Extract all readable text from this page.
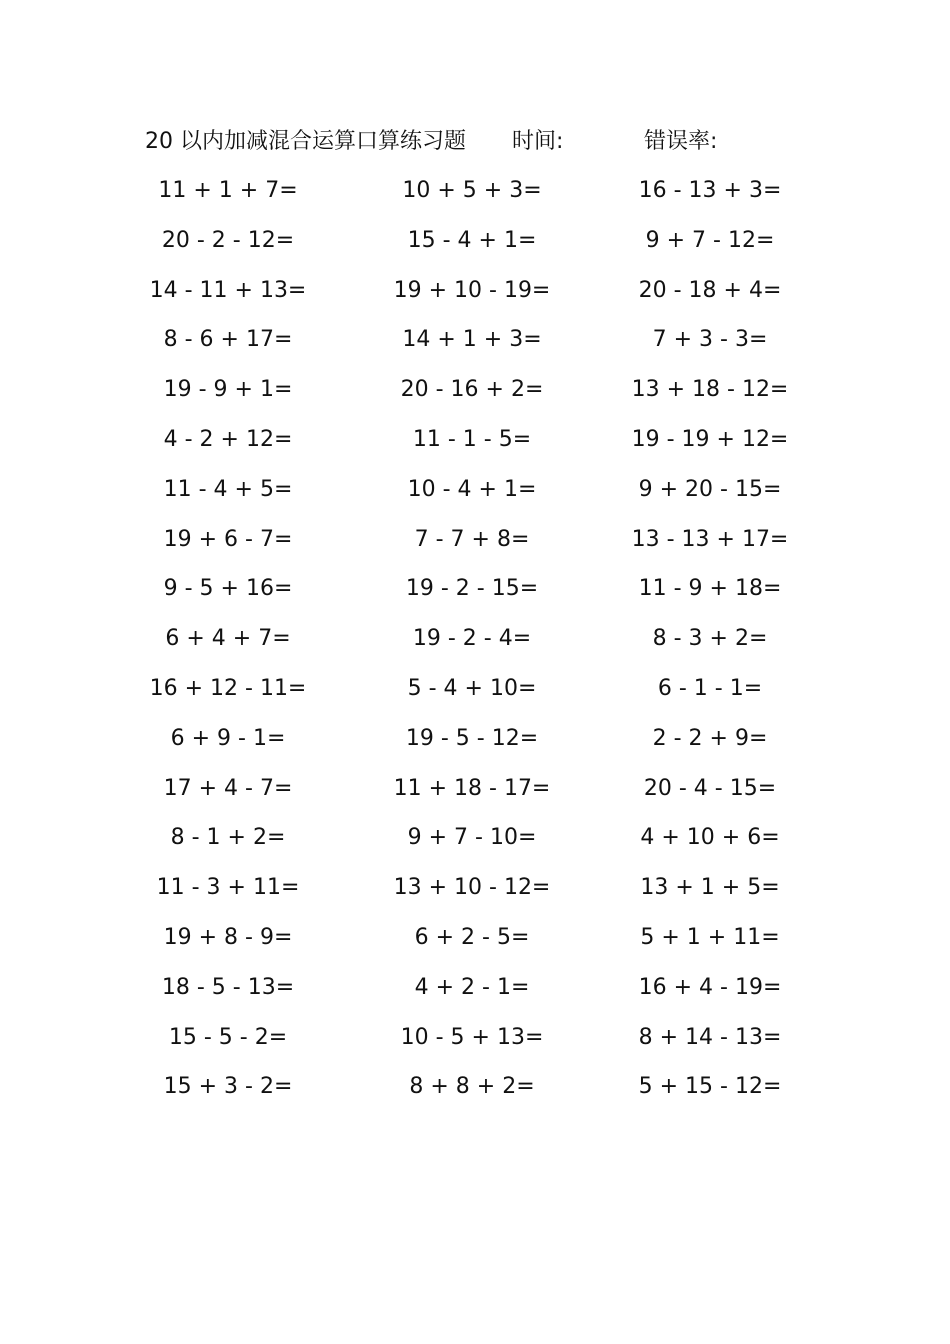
20 以内加减混合运算口算练习题 时间:	错误率:
11 + 1 + 7=	10 + 5 + 3=	16 - 13 + 3=
20 - 2 - 12=	15 - 4 + 1=	9 + 7 - 12=
14 - 11 + 13=	19 + 10 - 19=	20 - 18 + 4=
8 - 6 + 17=	14 + 1 + 3=	7 + 3 - 3=
19 - 9 + 1=	20 - 16 + 2=	13 + 18 - 12=
4 - 2 + 12=	11 - 1 - 5=	19 - 19 + 12=
11 - 4 + 5=	10 - 4 + 1=	9 + 20 - 15=
19 + 6 - 7=	7 - 7 + 8=	13 - 13 + 17=
9 - 5 + 16=	19 - 2 - 15=	11 - 9 + 18=
6 + 4 + 7=	19 - 2 - 4=	8 - 3 + 2=
16 + 12 - 11=	5 - 4 + 10=	6 - 1 - 1=
6 + 9 - 1=	19 - 5 - 12=	2 - 2 + 9=
17 + 4 - 7=	11 + 18 - 17=	20 - 4 - 15=
8 - 1 + 2=	9 + 7 - 10=	4 + 10 + 6=
11 - 3 + 11=	13 + 10 - 12=	13 + 1 + 5=
19 + 8 - 9=	6 + 2 - 5=	5 + 1 + 11=
18 - 5 - 13=	4 + 2 - 1=	16 + 4 - 19=
15 - 5 - 2=	10 - 5 + 13=	8 + 14 - 13=
15 + 3 - 2=	8 + 8 + 2=	5 + 15 - 12=
